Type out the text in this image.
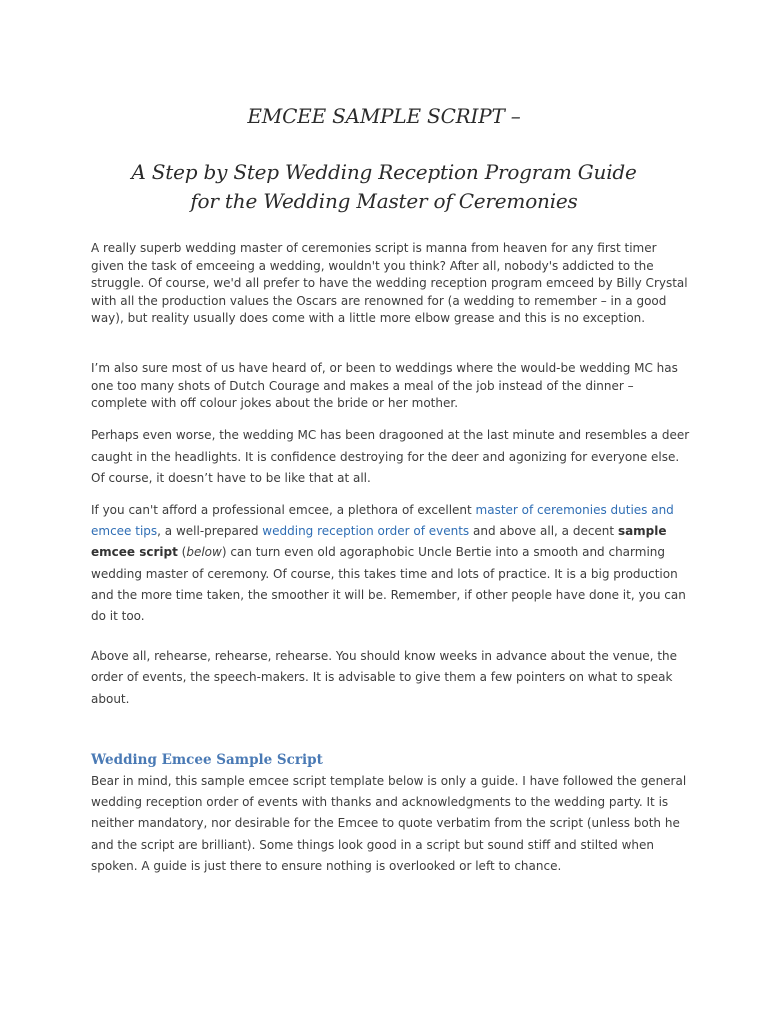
EMCEE SAMPLE SCRIPT –
A Step by Step Wedding Reception Program Guide
for the Wedding Master of Ceremonies

A really superb wedding master of ceremonies script is manna from heaven for any first timer given the task of emceeing a wedding, wouldn't you think? After all, nobody's addicted to the struggle. Of course, we'd all prefer to have the wedding reception program emceed by Billy Crystal with all the production values the Oscars are renowned for (a wedding to remember – in a good way), but reality usually does come with a little more elbow grease and this is no exception.

I’m also sure most of us have heard of, or been to weddings where the would-be wedding MC has one too many shots of Dutch Courage and makes a meal of the job instead of the dinner – complete with off colour jokes about the bride or her mother.

Perhaps even worse, the wedding MC has been dragooned at the last minute and resembles a deer caught in the headlights. It is confidence destroying for the deer and agonizing for everyone else. Of course, it doesn’t have to be like that at all.

If you can't afford a professional emcee, a plethora of excellent master of ceremonies duties and emcee tips, a well-prepared wedding reception order of events and above all, a decent sample emcee script (below) can turn even old agoraphobic Uncle Bertie into a smooth and charming wedding master of ceremony. Of course, this takes time and lots of practice. It is a big production and the more time taken, the smoother it will be. Remember, if other people have done it, you can do it too.

Above all, rehearse, rehearse, rehearse. You should know weeks in advance about the venue, the order of events, the speech-makers. It is advisable to give them a few pointers on what to speak about.

Wedding Emcee Sample Script

Bear in mind, this sample emcee script template below is only a guide. I have followed the general wedding reception order of events with thanks and acknowledgments to the wedding party. It is neither mandatory, nor desirable for the Emcee to quote verbatim from the script (unless both he and the script are brilliant). Some things look good in a script but sound stiff and stilted when spoken. A guide is just there to ensure nothing is overlooked or left to chance.
